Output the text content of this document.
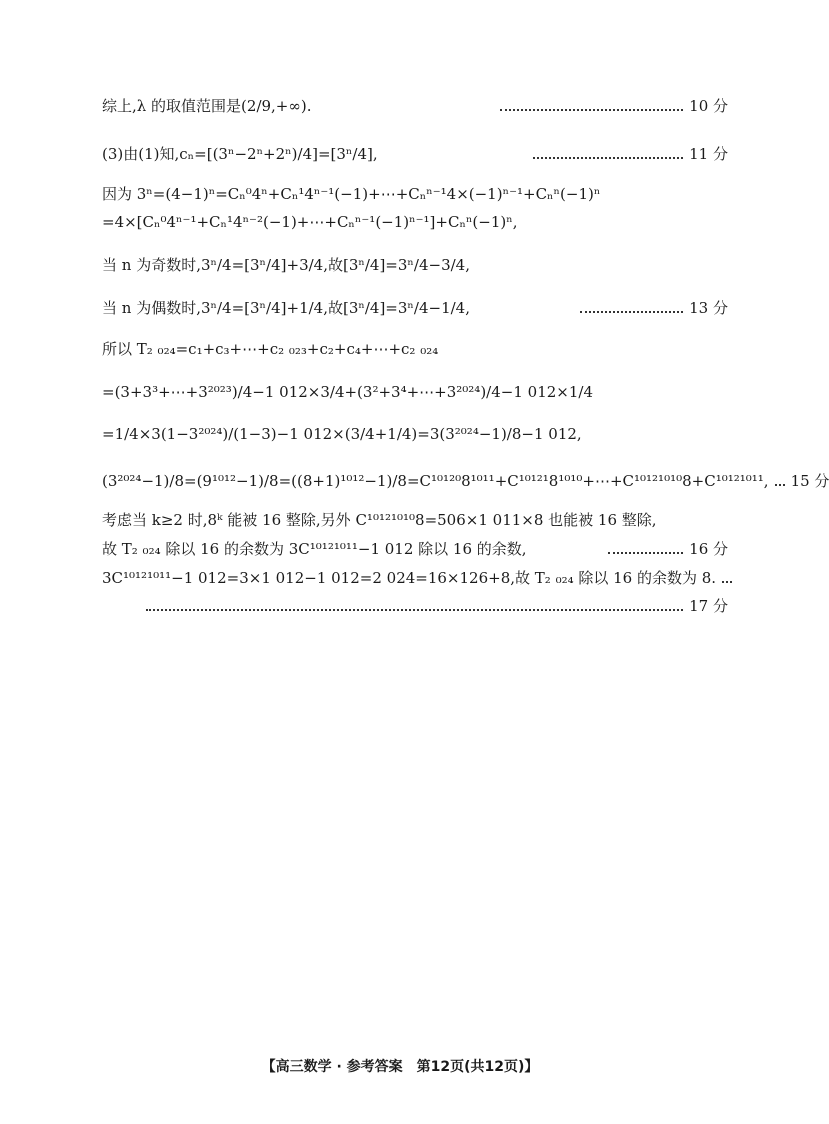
综上,λ 的取值范围是(2/9,+∞).	10 分
(3)由(1)知,cₙ=[(3ⁿ−2ⁿ+2ⁿ)/4]=[3ⁿ/4],	11 分
因为 3ⁿ=(4−1)ⁿ=Cₙ⁰4ⁿ+Cₙ¹4ⁿ⁻¹(−1)+⋯+Cₙⁿ⁻¹4×(−1)ⁿ⁻¹+Cₙⁿ(−1)ⁿ
=4×[Cₙ⁰4ⁿ⁻¹+Cₙ¹4ⁿ⁻²(−1)+⋯+Cₙⁿ⁻¹(−1)ⁿ⁻¹]+Cₙⁿ(−1)ⁿ,
当 n 为奇数时,3ⁿ/4=[3ⁿ/4]+3/4,故[3ⁿ/4]=3ⁿ/4−3/4,
当 n 为偶数时,3ⁿ/4=[3ⁿ/4]+1/4,故[3ⁿ/4]=3ⁿ/4−1/4,	13 分
所以 T₂ ₀₂₄=c₁+c₃+⋯+c₂ ₀₂₃+c₂+c₄+⋯+c₂ ₀₂₄
=(3+3³+⋯+3²⁰²³)/4−1 012×3/4+(3²+3⁴+⋯+3²⁰²⁴)/4−1 012×1/4
=1/4×3(1−3²⁰²⁴)/(1−3)−1 012×(3/4+1/4)=3(3²⁰²⁴−1)/8−1 012,
(3²⁰²⁴−1)/8=(9¹⁰¹²−1)/8=((8+1)¹⁰¹²−1)/8=C¹⁰¹²⁰8¹⁰¹¹+C¹⁰¹²¹8¹⁰¹⁰+⋯+C¹⁰¹²¹⁰¹⁰8+C¹⁰¹²¹⁰¹¹, 15 分
考虑当 k≥2 时,8ᵏ 能被 16 整除,另外 C¹⁰¹²¹⁰¹⁰8=506×1 011×8 也能被 16 整除,
故 T₂ ₀₂₄ 除以 16 的余数为 3C¹⁰¹²¹⁰¹¹−1 012 除以 16 的余数,	16 分
3C¹⁰¹²¹⁰¹¹−1 012=3×1 012−1 012=2 024=16×126+8,故 T₂ ₀₂₄ 除以 16 的余数为 8.
17 分
【高三数学 · 参考答案　第12页(共12页)】
